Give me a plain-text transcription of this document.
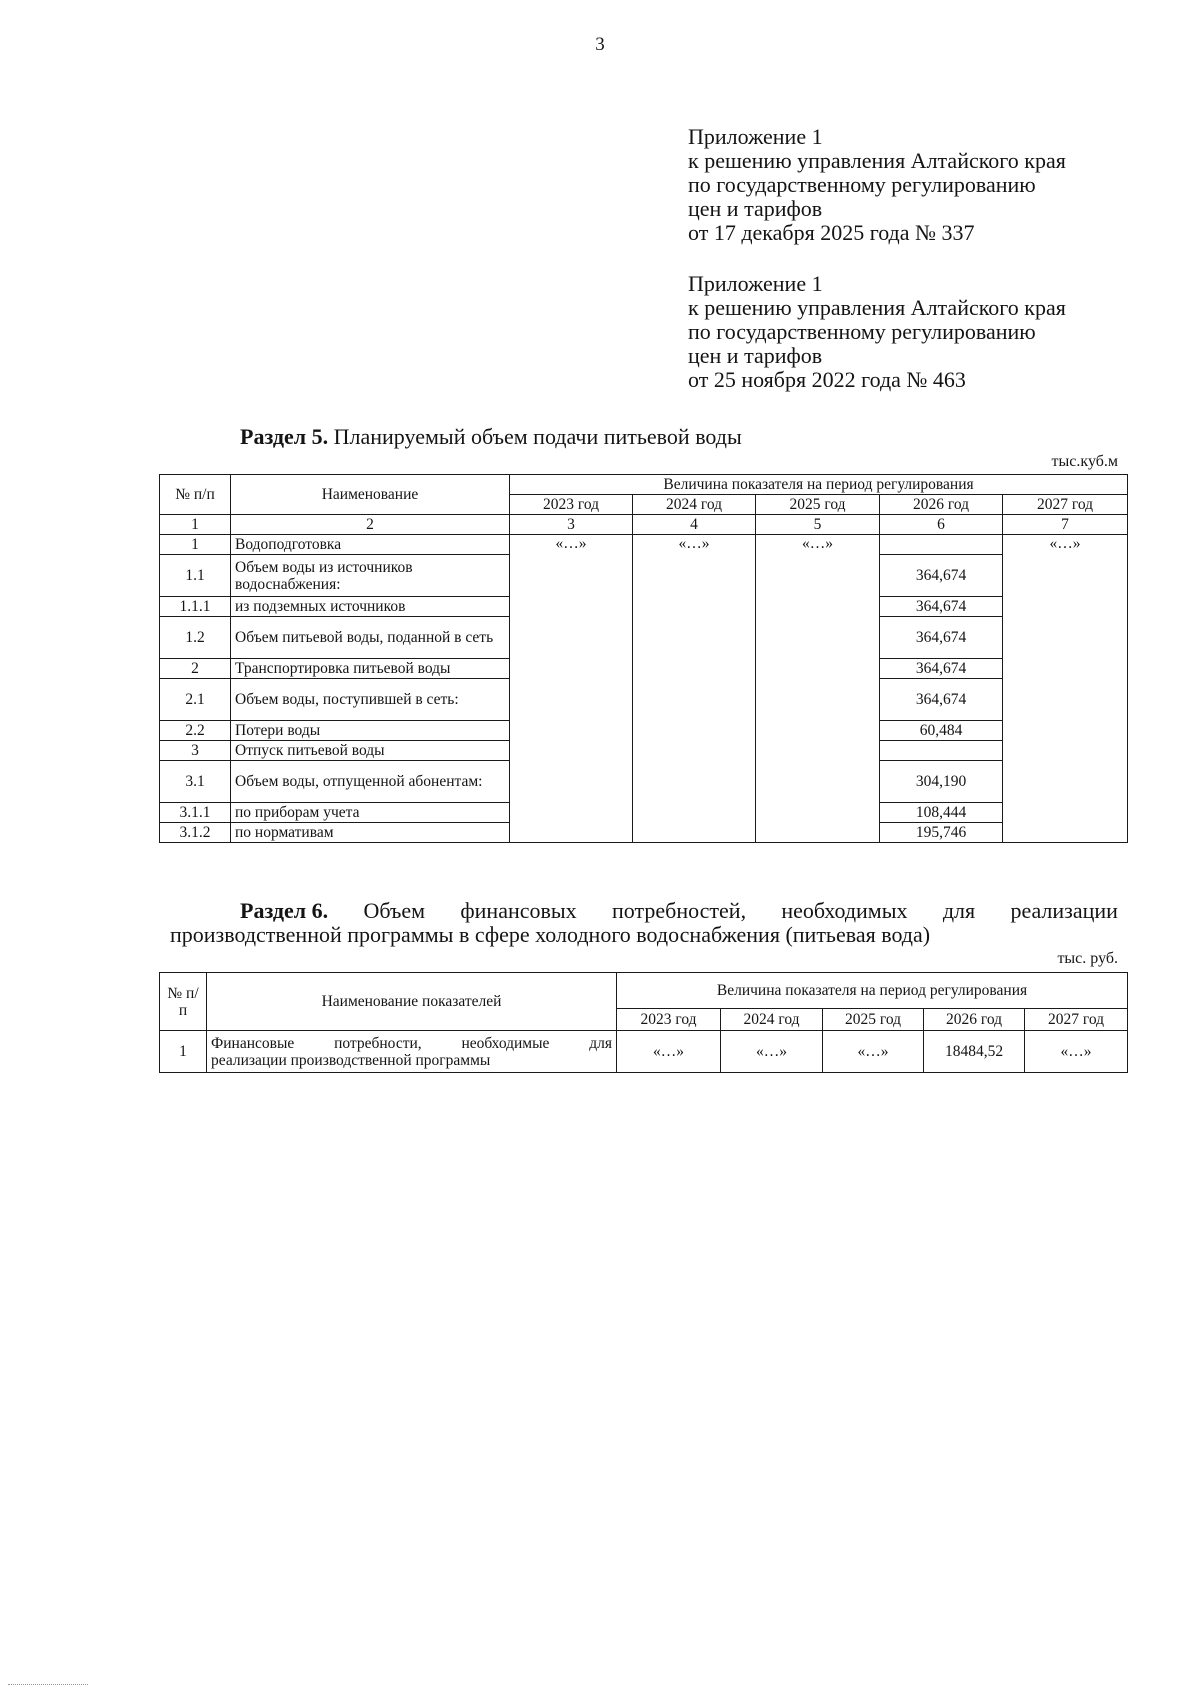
3
Приложение 1
к решению управления Алтайского края
по государственному регулированию
цен и тарифов
от 17 декабря 2025 года № 337
Приложение 1
к решению управления Алтайского края
по государственному регулированию
цен и тарифов
от 25 ноября 2022 года № 463
Раздел 5. Планируемый объем подачи питьевой воды
тыс.куб.м
№ п/п	Наименование	Величина показателя на период регулирования				
		2023 год	2024 год	2025 год	2026 год	2027 год
1	2	3	4	5	6	7
1	Водоподготовка	«…»	«…»	«…»		«…»
1.1	Объем воды из источников водоснабжения:				364,674	
1.1.1	из подземных источников				364,674	
1.2	Объем питьевой воды, поданной в сеть				364,674	
2	Транспортировка питьевой воды				364,674	
2.1	Объем воды, поступившей в сеть:				364,674	
2.2	Потери воды				60,484	
3	Отпуск питьевой воды					
3.1	Объем воды, отпущенной абонентам:				304,190	
3.1.1	по приборам учета				108,444	
3.1.2	по нормативам				195,746	
Раздел 6. Объем финансовых потребностей, необходимых для реализации
производственной программы в сфере холодного водоснабжения (питьевая вода)
тыс. руб.
№ п/п	Наименование показателей	Величина показателя на период регулирования				
		2023 год	2024 год	2025 год	2026 год	2027 год
1	Финансовые потребности, необходимые для
реализации производственной программы	«…»	«…»	«…»	18484,52	«…»
